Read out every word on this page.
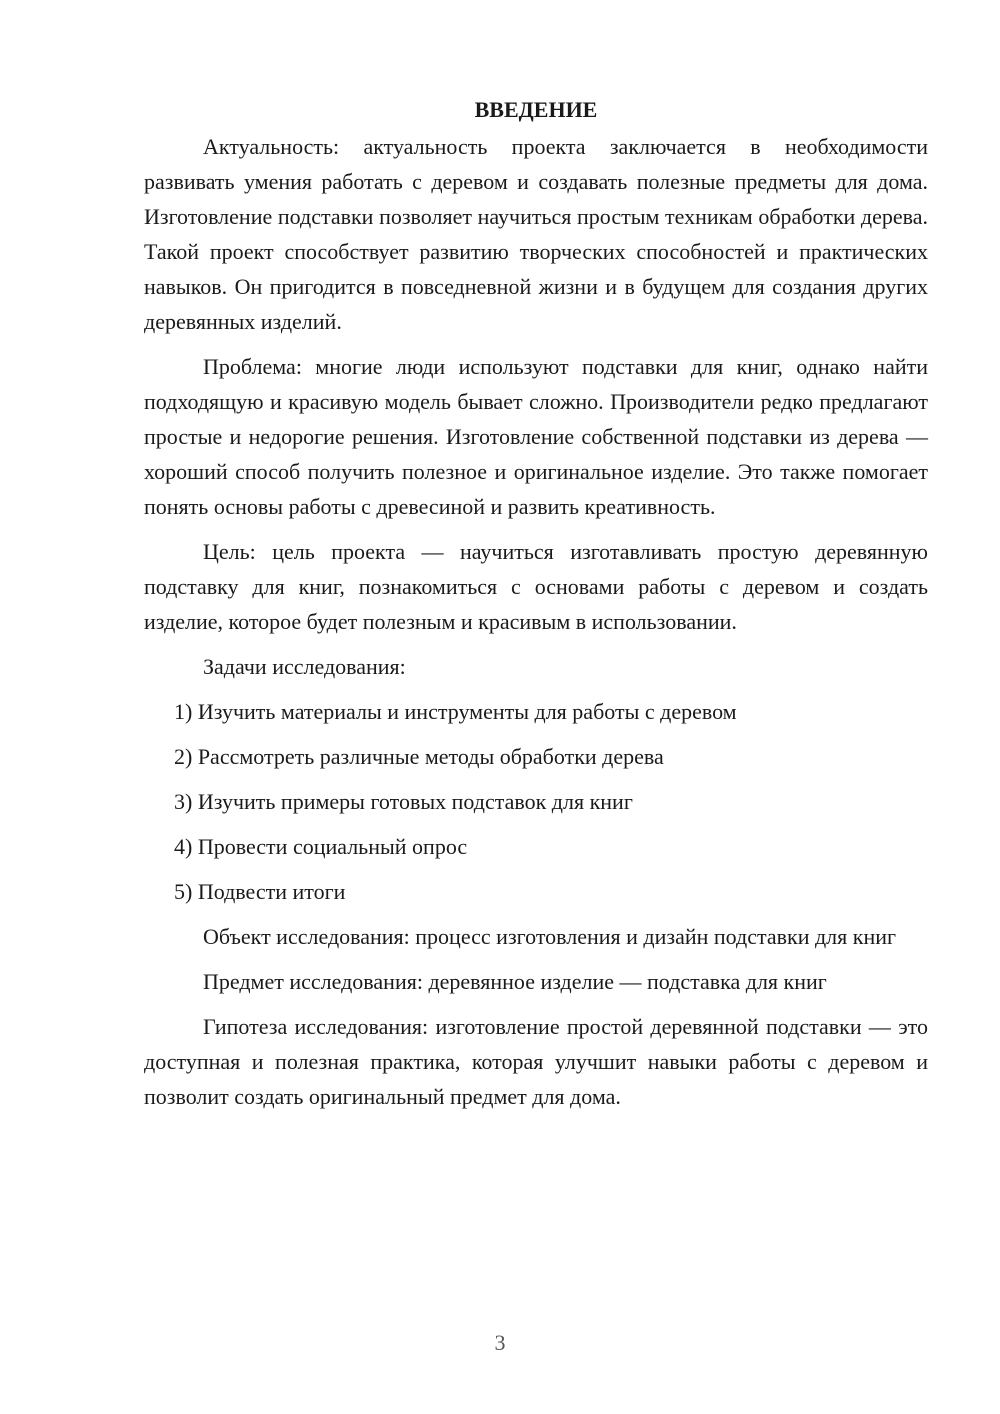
ВВЕДЕНИЕ

Актуальность: актуальность проекта заключается в необходимости развивать умения работать с деревом и создавать полезные предметы для дома. Изготовление подставки позволяет научиться простым техникам обработки дерева. Такой проект способствует развитию творческих способностей и практических навыков. Он пригодится в повседневной жизни и в будущем для создания других деревянных изделий.

Проблема: многие люди используют подставки для книг, однако найти подходящую и красивую модель бывает сложно. Производители редко предлагают простые и недорогие решения. Изготовление собственной подставки из дерева — хороший способ получить полезное и оригинальное изделие. Это также помогает понять основы работы с древесиной и развить креативность.

Цель: цель проекта — научиться изготавливать простую деревянную подставку для книг, познакомиться с основами работы с деревом и создать изделие, которое будет полезным и красивым в использовании.

Задачи исследования:

1) Изучить материалы и инструменты для работы с деревом
2) Рассмотреть различные методы обработки дерева
3) Изучить примеры готовых подставок для книг
4) Провести социальный опрос
5) Подвести итоги

Объект исследования: процесс изготовления и дизайн подставки для книг

Предмет исследования: деревянное изделие — подставка для книг

Гипотеза исследования: изготовление простой деревянной подставки — это доступная и полезная практика, которая улучшит навыки работы с деревом и позволит создать оригинальный предмет для дома.

3
